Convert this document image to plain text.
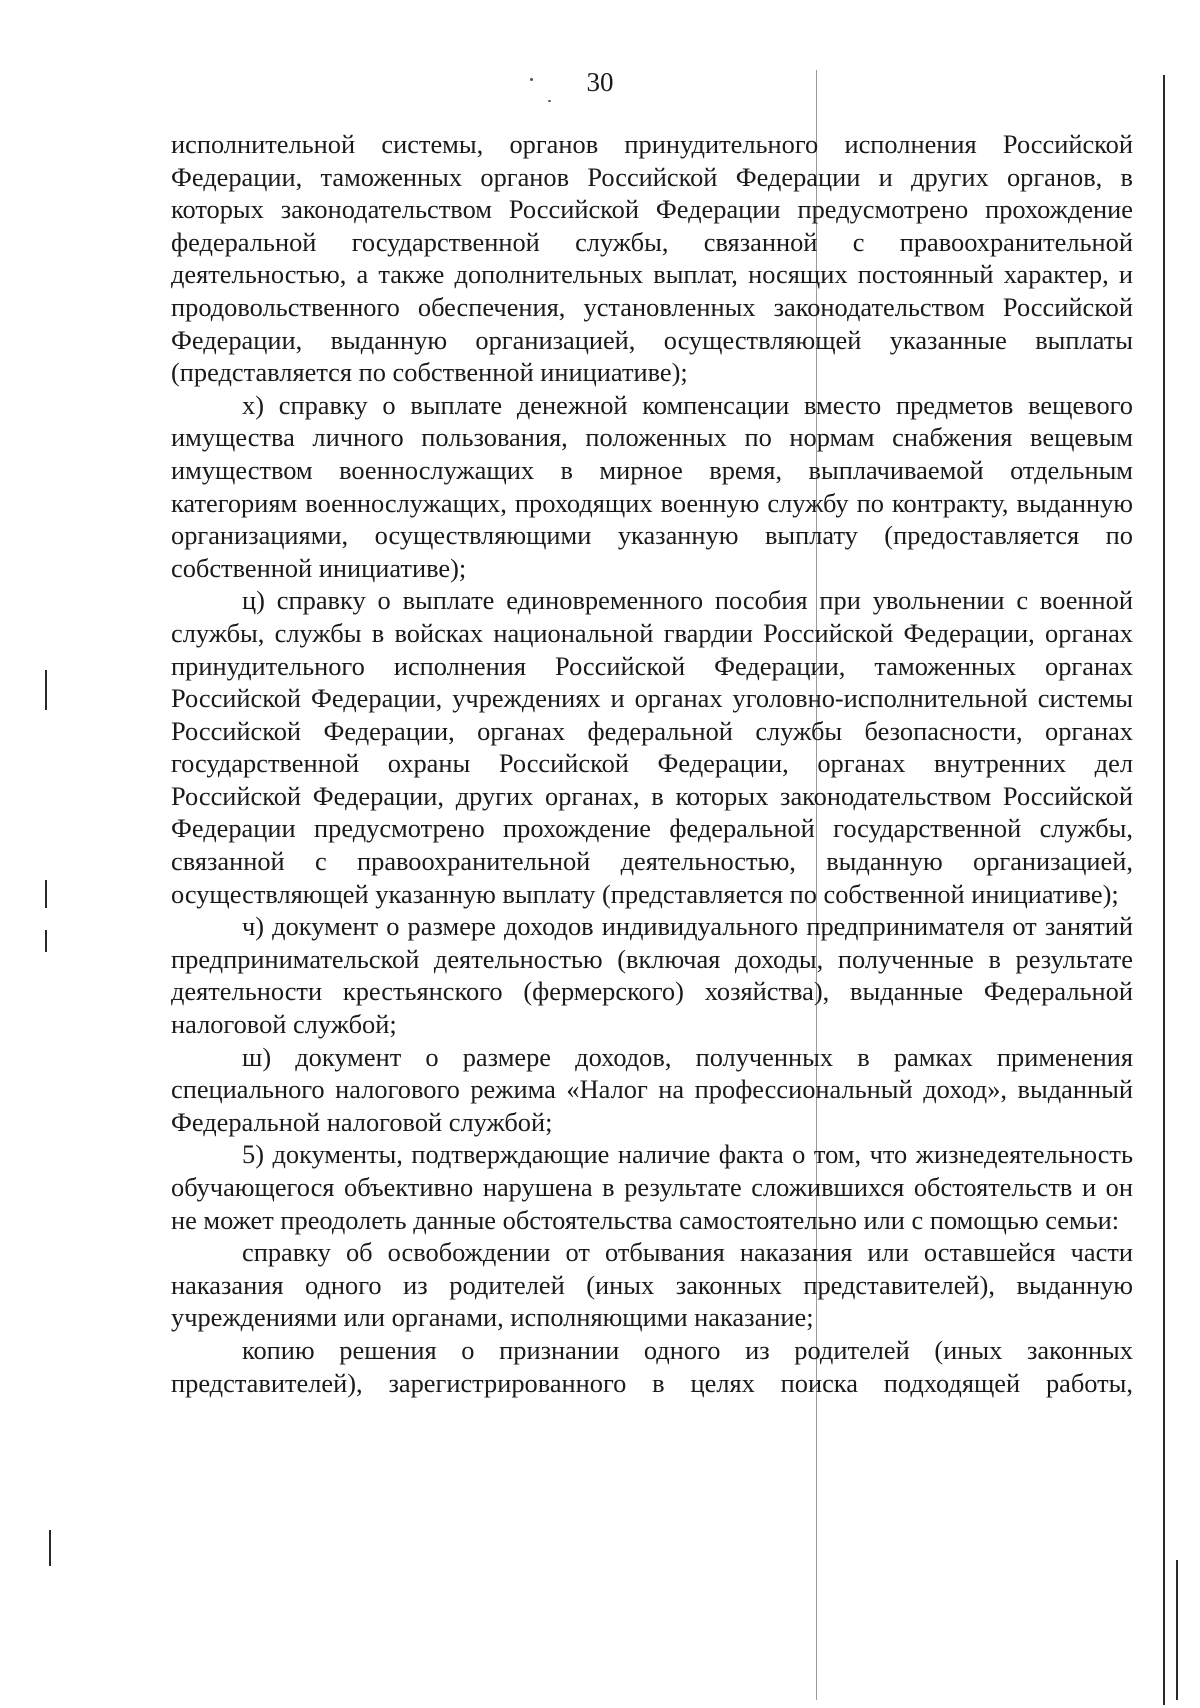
30

исполнительной системы, органов принудительного исполнения Российской Федерации, таможенных органов Российской Федерации и других органов, в которых законодательством Российской Федерации предусмотрено прохождение федеральной государственной службы, связанной с правоохранительной деятельностью, а также дополнительных выплат, носящих постоянный характер, и продовольственного обеспечения, установленных законодательством Российской Федерации, выданную организацией, осуществляющей указанные выплаты (представляется по собственной инициативе);

х) справку о выплате денежной компенсации вместо предметов вещевого имущества личного пользования, положенных по нормам снабжения вещевым имуществом военнослужащих в мирное время, выплачиваемой отдельным категориям военнослужащих, проходящих военную службу по контракту, выданную организациями, осуществляющими указанную выплату (предоставляется по собственной инициативе);

ц) справку о выплате единовременного пособия при увольнении с военной службы, службы в войсках национальной гвардии Российской Федерации, органах принудительного исполнения Российской Федерации, таможенных органах Российской Федерации, учреждениях и органах уголовно-исполнительной системы Российской Федерации, органах федеральной службы безопасности, органах государственной охраны Российской Федерации, органах внутренних дел Российской Федерации, других органах, в которых законодательством Российской Федерации предусмотрено прохождение федеральной государственной службы, связанной с правоохранительной деятельностью, выданную организацией, осуществляющей указанную выплату (представляется по собственной инициативе);

ч) документ о размере доходов индивидуального предпринимателя от занятий предпринимательской деятельностью (включая доходы, полученные в результате деятельности крестьянского (фермерского) хозяйства), выданные Федеральной налоговой службой;

ш) документ о размере доходов, полученных в рамках применения специального налогового режима «Налог на профессиональный доход», выданный Федеральной налоговой службой;

5) документы, подтверждающие наличие факта о том, что жизнедеятельность обучающегося объективно нарушена в результате сложившихся обстоятельств и он не может преодолеть данные обстоятельства самостоятельно или с помощью семьи:

справку об освобождении от отбывания наказания или оставшейся части наказания одного из родителей (иных законных представителей), выданную учреждениями или органами, исполняющими наказание;

копию решения о признании одного из родителей (иных законных представителей), зарегистрированного в целях поиска подходящей работы,
